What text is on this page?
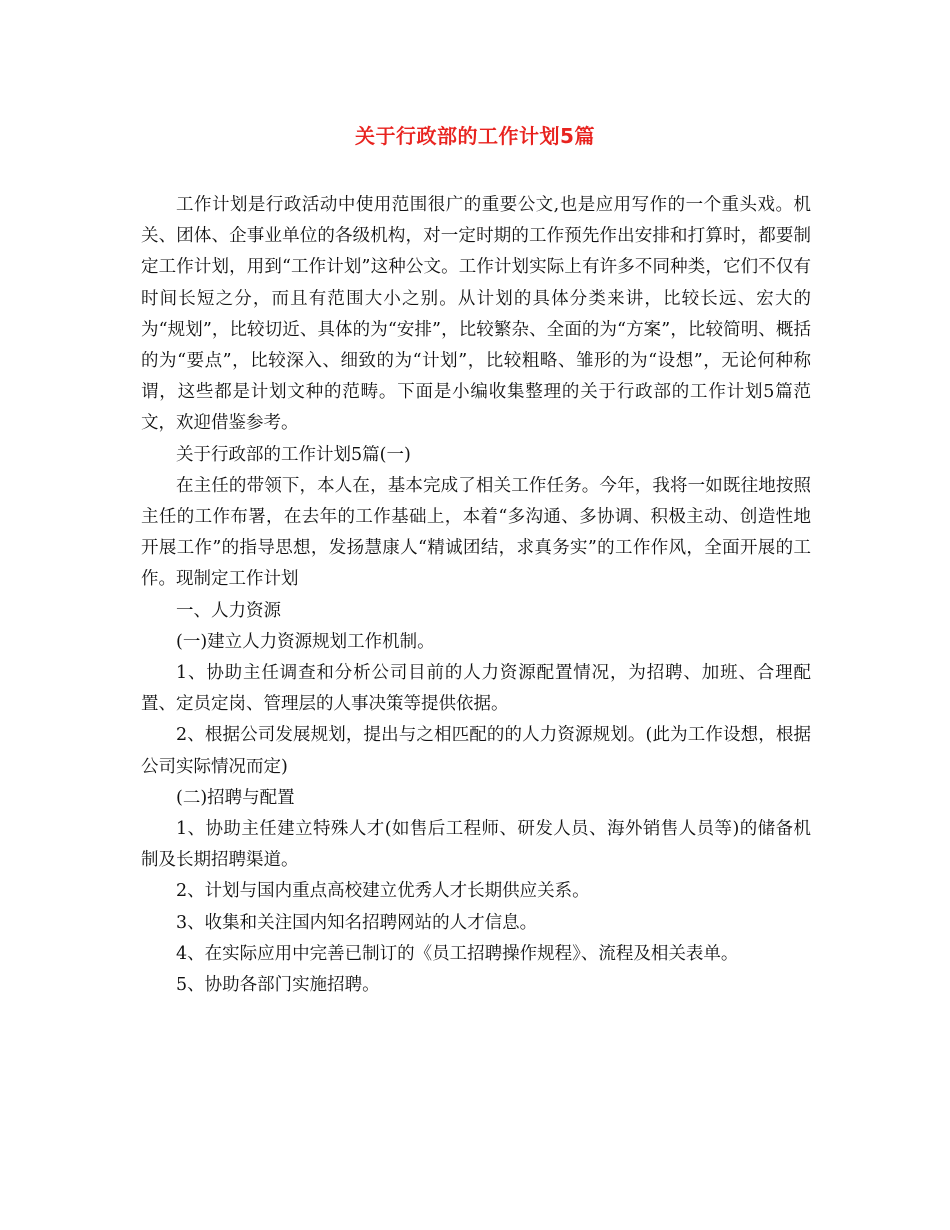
关于行政部的工作计划5篇

工作计划是行政活动中使用范围很广的重要公文,也是应用写作的一个重头戏。机关、团体、企事业单位的各级机构，对一定时期的工作预先作出安排和打算时，都要制定工作计划，用到“工作计划”这种公文。工作计划实际上有许多不同种类，它们不仅有时间长短之分，而且有范围大小之别。从计划的具体分类来讲，比较长远、宏大的为“规划”，比较切近、具体的为“安排”，比较繁杂、全面的为“方案”，比较简明、概括的为“要点”，比较深入、细致的为“计划”，比较粗略、雏形的为“设想”，无论何种称谓，这些都是计划文种的范畴。下面是小编收集整理的关于行政部的工作计划5篇范文，欢迎借鉴参考。

关于行政部的工作计划5篇(一)

在主任的带领下，本人在，基本完成了相关工作任务。今年，我将一如既往地按照主任的工作布署，在去年的工作基础上，本着“多沟通、多协调、积极主动、创造性地开展工作”的指导思想，发扬慧康人“精诚团结，求真务实”的工作作风，全面开展的工作。现制定工作计划

一、人力资源

(一)建立人力资源规划工作机制。

1、协助主任调查和分析公司目前的人力资源配置情况，为招聘、加班、合理配置、定员定岗、管理层的人事决策等提供依据。

2、根据公司发展规划，提出与之相匹配的的人力资源规划。(此为工作设想，根据公司实际情况而定)

(二)招聘与配置

1、协助主任建立特殊人才(如售后工程师、研发人员、海外销售人员等)的储备机制及长期招聘渠道。

2、计划与国内重点高校建立优秀人才长期供应关系。

3、收集和关注国内知名招聘网站的人才信息。

4、在实际应用中完善已制订的《员工招聘操作规程》、流程及相关表单。

5、协助各部门实施招聘。
